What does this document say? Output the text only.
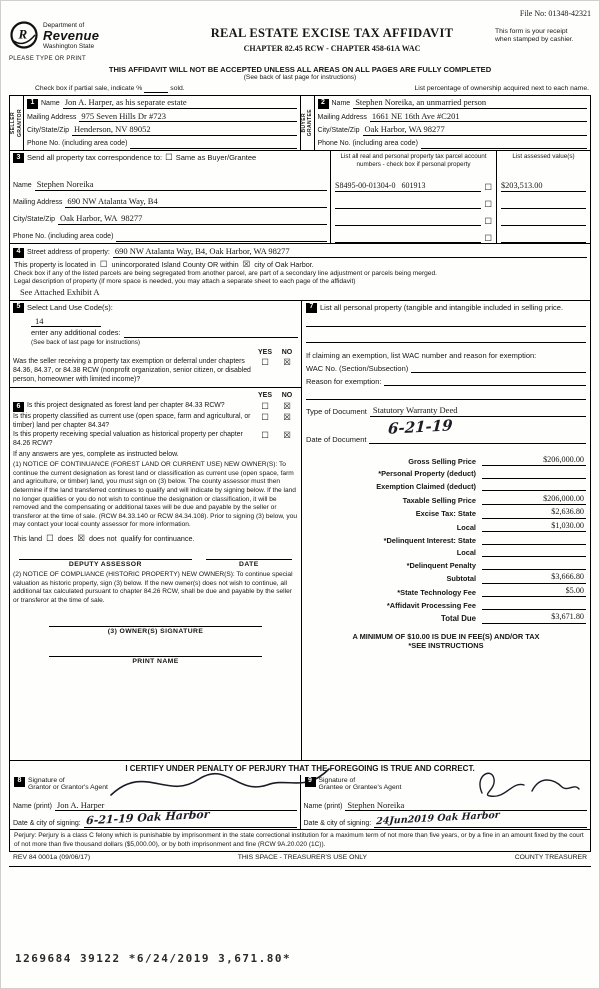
File No: 01348-42321
R
Department of
Revenue
Washington State
PLEASE TYPE OR PRINT
REAL ESTATE EXCISE TAX AFFIDAVIT
CHAPTER 82.45 RCW - CHAPTER 458-61A WAC
This form is your receipt
when stamped by cashier.
THIS AFFIDAVIT WILL NOT BE ACCEPTED UNLESS ALL AREAS ON ALL PAGES ARE FULLY COMPLETED
(See back of last page for instructions)
Check box if partial sale, indicate %	sold.	List percentage of ownership acquired next to each name.
SELLER GRANTOR
1 Name Jon A. Harper, as his separate estate
Mailing Address 975 Seven Hills Dr #723
City/State/Zip Henderson, NV 89052
Phone No. (including area code)
BUYER GRANTEE
2 Name Stephen Noreika, an unmarried person
Mailing Address 1661 NE 16th Ave #C201
City/State/Zip Oak Harbor, WA 98277
Phone No. (including area code)
3 Send all property tax correspondence to: ☐ Same as Buyer/Grantee
Name Stephen Noreika
Mailing Address 690 NW Atalanta Way, B4
City/State/Zip Oak Harbor, WA  98277
Phone No. (including area code)
List all real and personal property tax parcel account numbers - check box if personal property
S8495-00-01304-0   601913	☐
☐
☐
☐
List assessed value(s)
$203,513.00
4 Street address of property: 690 NW Atalanta Way, B4, Oak Harbor, WA 98277
This property is located in ☐ unincorporated Island County OR within ☒ city of Oak Harbor.
Check box if any of the listed parcels are being segregated from another parcel, are part of a secondary line adjustment or parcels being merged.
Legal description of property (if more space is needed, you may attach a separate sheet to each page of the affidavit)
See Attached Exhibit A
5 Select Land Use Code(s):
14
enter any additional codes:
(See back of last page for instructions)
YES	NO
Was the seller receiving a property tax exemption or deferral under chapters 84.36, 84.37, or 84.38 RCW (nonprofit organization, senior citizen, or disabled person, homeowner with limited income)?
☐	☒
YES	NO
6 Is this project designated as forest land per chapter 84.33 RCW?	☐	☒
Is this property classified as current use (open space, farm and agricultural, or timber) land per chapter 84.34?
☐	☒
Is this property receiving special valuation as historical property per chapter 84.26 RCW?
☐	☒
If any answers are yes, complete as instructed below.
(1) NOTICE OF CONTINUANCE (FOREST LAND OR CURRENT USE) NEW OWNER(S): To continue the current designation as forest land or classification as current use (open space, farm and agriculture, or timber) land, you must sign on (3) below. The county assessor must then determine if the land transferred continues to qualify and will indicate by signing below. If the land no longer qualifies or you do not wish to continue the designation or classification, it will be removed and the compensating or additional taxes will be due and payable by the seller or transferor at the time of sale. (RCW 84.33.140 or RCW 84.34.108). Prior to signing (3) below, you may contact your local county assessor for more information.
This land ☐ does ☒ does not qualify for continuance.
DEPUTY ASSESSOR	DATE
(2) NOTICE OF COMPLIANCE (HISTORIC PROPERTY) NEW OWNER(S): To continue special valuation as historic property, sign (3) below. If the new owner(s) does not wish to continue, all additional tax calculated pursuant to chapter 84.26 RCW, shall be due and payable by the seller or transferor at the time of sale.
(3) OWNER(S) SIGNATURE
PRINT NAME
7 List all personal property (tangible and intangible included in selling price.
If claiming an exemption, list WAC number and reason for exemption:
WAC No. (Section/Subsection)
Reason for exemption:
Type of Document Statutory Warranty Deed
Date of Document
6-21-19
Gross Selling Price	$206,000.00
*Personal Property (deduct)
Exemption Claimed (deduct)
Taxable Selling Price	$206,000.00
Excise Tax: State	$2,636.80
Local	$1,030.00
*Delinquent Interest: State
Local
*Delinquent Penalty
Subtotal	$3,666.80
*State Technology Fee	$5.00
*Affidavit Processing Fee
Total Due	$3,671.80
A MINIMUM OF $10.00 IS DUE IN FEE(S) AND/OR TAX
*SEE INSTRUCTIONS
I CERTIFY UNDER PENALTY OF PERJURY THAT THE FOREGOING IS TRUE AND CORRECT.
8 Signature of
Grantor or Grantor's Agent
Name (print) Jon A. Harper
Date & city of signing: 6-21-19 Oak Harbor
9 Signature of
Grantee or Grantee's Agent
Name (print) Stephen Noreika
Date & city of signing: 24Jun2019 Oak Harbor
Perjury: Perjury is a class C felony which is punishable by imprisonment in the state correctional institution for a maximum term of not more than five years, or by a fine in an amount fixed by the court of not more than five thousand dollars ($5,000.00), or by both imprisonment and fine (RCW 9A.20.020 (1C)).
REV 84 0001a (09/06/17)	THIS SPACE - TREASURER'S USE ONLY	COUNTY TREASURER
1269684 39122 *6/24/2019 3,671.80*
